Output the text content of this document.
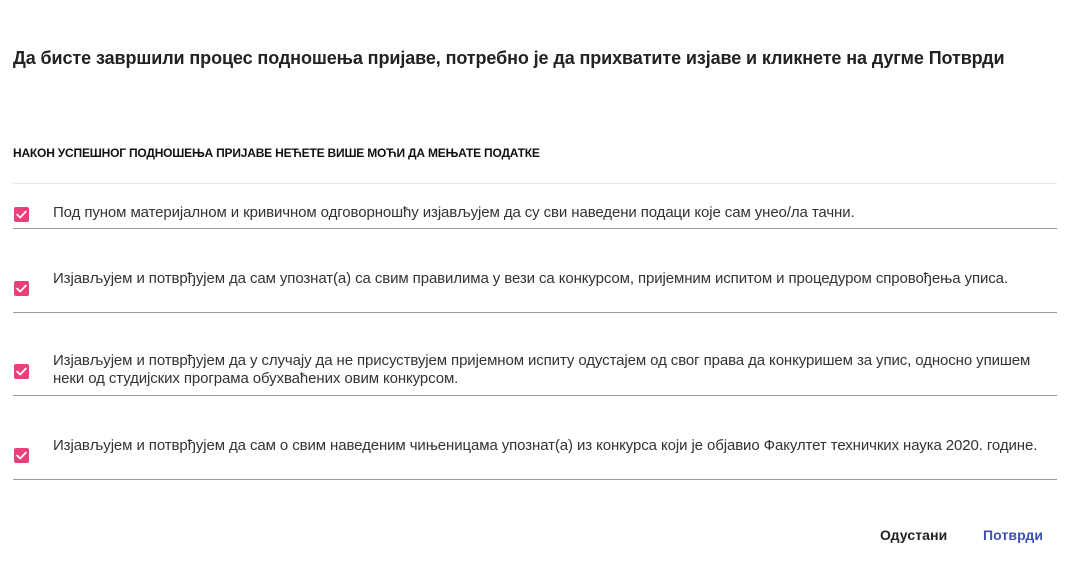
Да бисте завршили процес подношења пријаве, потребно је да прихватите изјаве и кликнете на дугме Потврди
НАКОН УСПЕШНОГ ПОДНОШЕЊА ПРИЈАВЕ НЕЋЕТЕ ВИШЕ МОЋИ ДА МЕЊАТЕ ПОДАТКЕ
Под пуном материјалном и кривичном одговорношћу изјављујем да су сви наведени подаци које сам унео/ла тачни.
Изјављујем и потврђујем да сам упознат(а) са свим правилима у вези са конкурсом, пријемним испитом и процедуром спровођења уписа.
Изјављујем и потврђујем да у случају да не присуствујем пријемном испиту одустајем од свог права да конкуришем за упис, односно упишем неки од студијских програма обухваћених овим конкурсом.
Изјављујем и потврђујем да сам о свим наведеним чињеницама упознат(а) из конкурса који је објавио Факултет техничких наука 2020. године.
Одустани	Потврди
